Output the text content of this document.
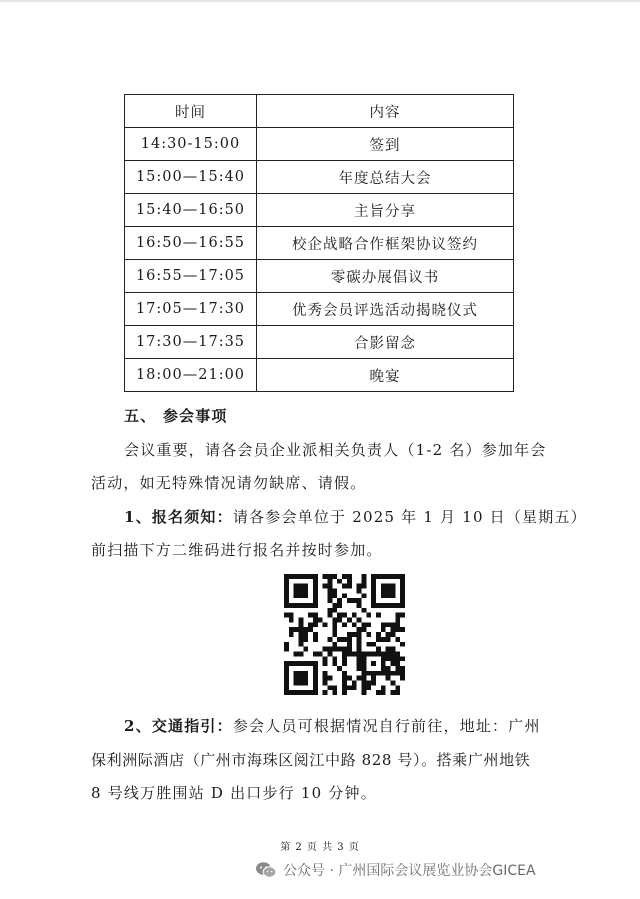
时间	内容
14:30-15:00	签到
15:00—15:40	年度总结大会
15:40—16:50	主旨分享
16:50—16:55	校企战略合作框架协议签约
16:55—17:05	零碳办展倡议书
17:05—17:30	优秀会员评选活动揭晓仪式
17:30—17:35	合影留念
18:00—21:00	晚宴
五、 参会事项
会议重要，请各会员企业派相关负责人（1-2 名）参加年会
活动，如无特殊情况请勿缺席、请假。
1、报名须知：请各参会单位于 2025 年 1 月 10 日（星期五）
前扫描下方二维码进行报名并按时参加。
2、交通指引：参会人员可根据情况自行前往，地址：广州
保利洲际酒店（广州市海珠区阅江中路 828 号）。搭乘广州地铁
8 号线万胜围站 D 出口步行 10 分钟。
第 2 页 共 3 页
公众号 · 广州国际会议展览业协会GICEA
